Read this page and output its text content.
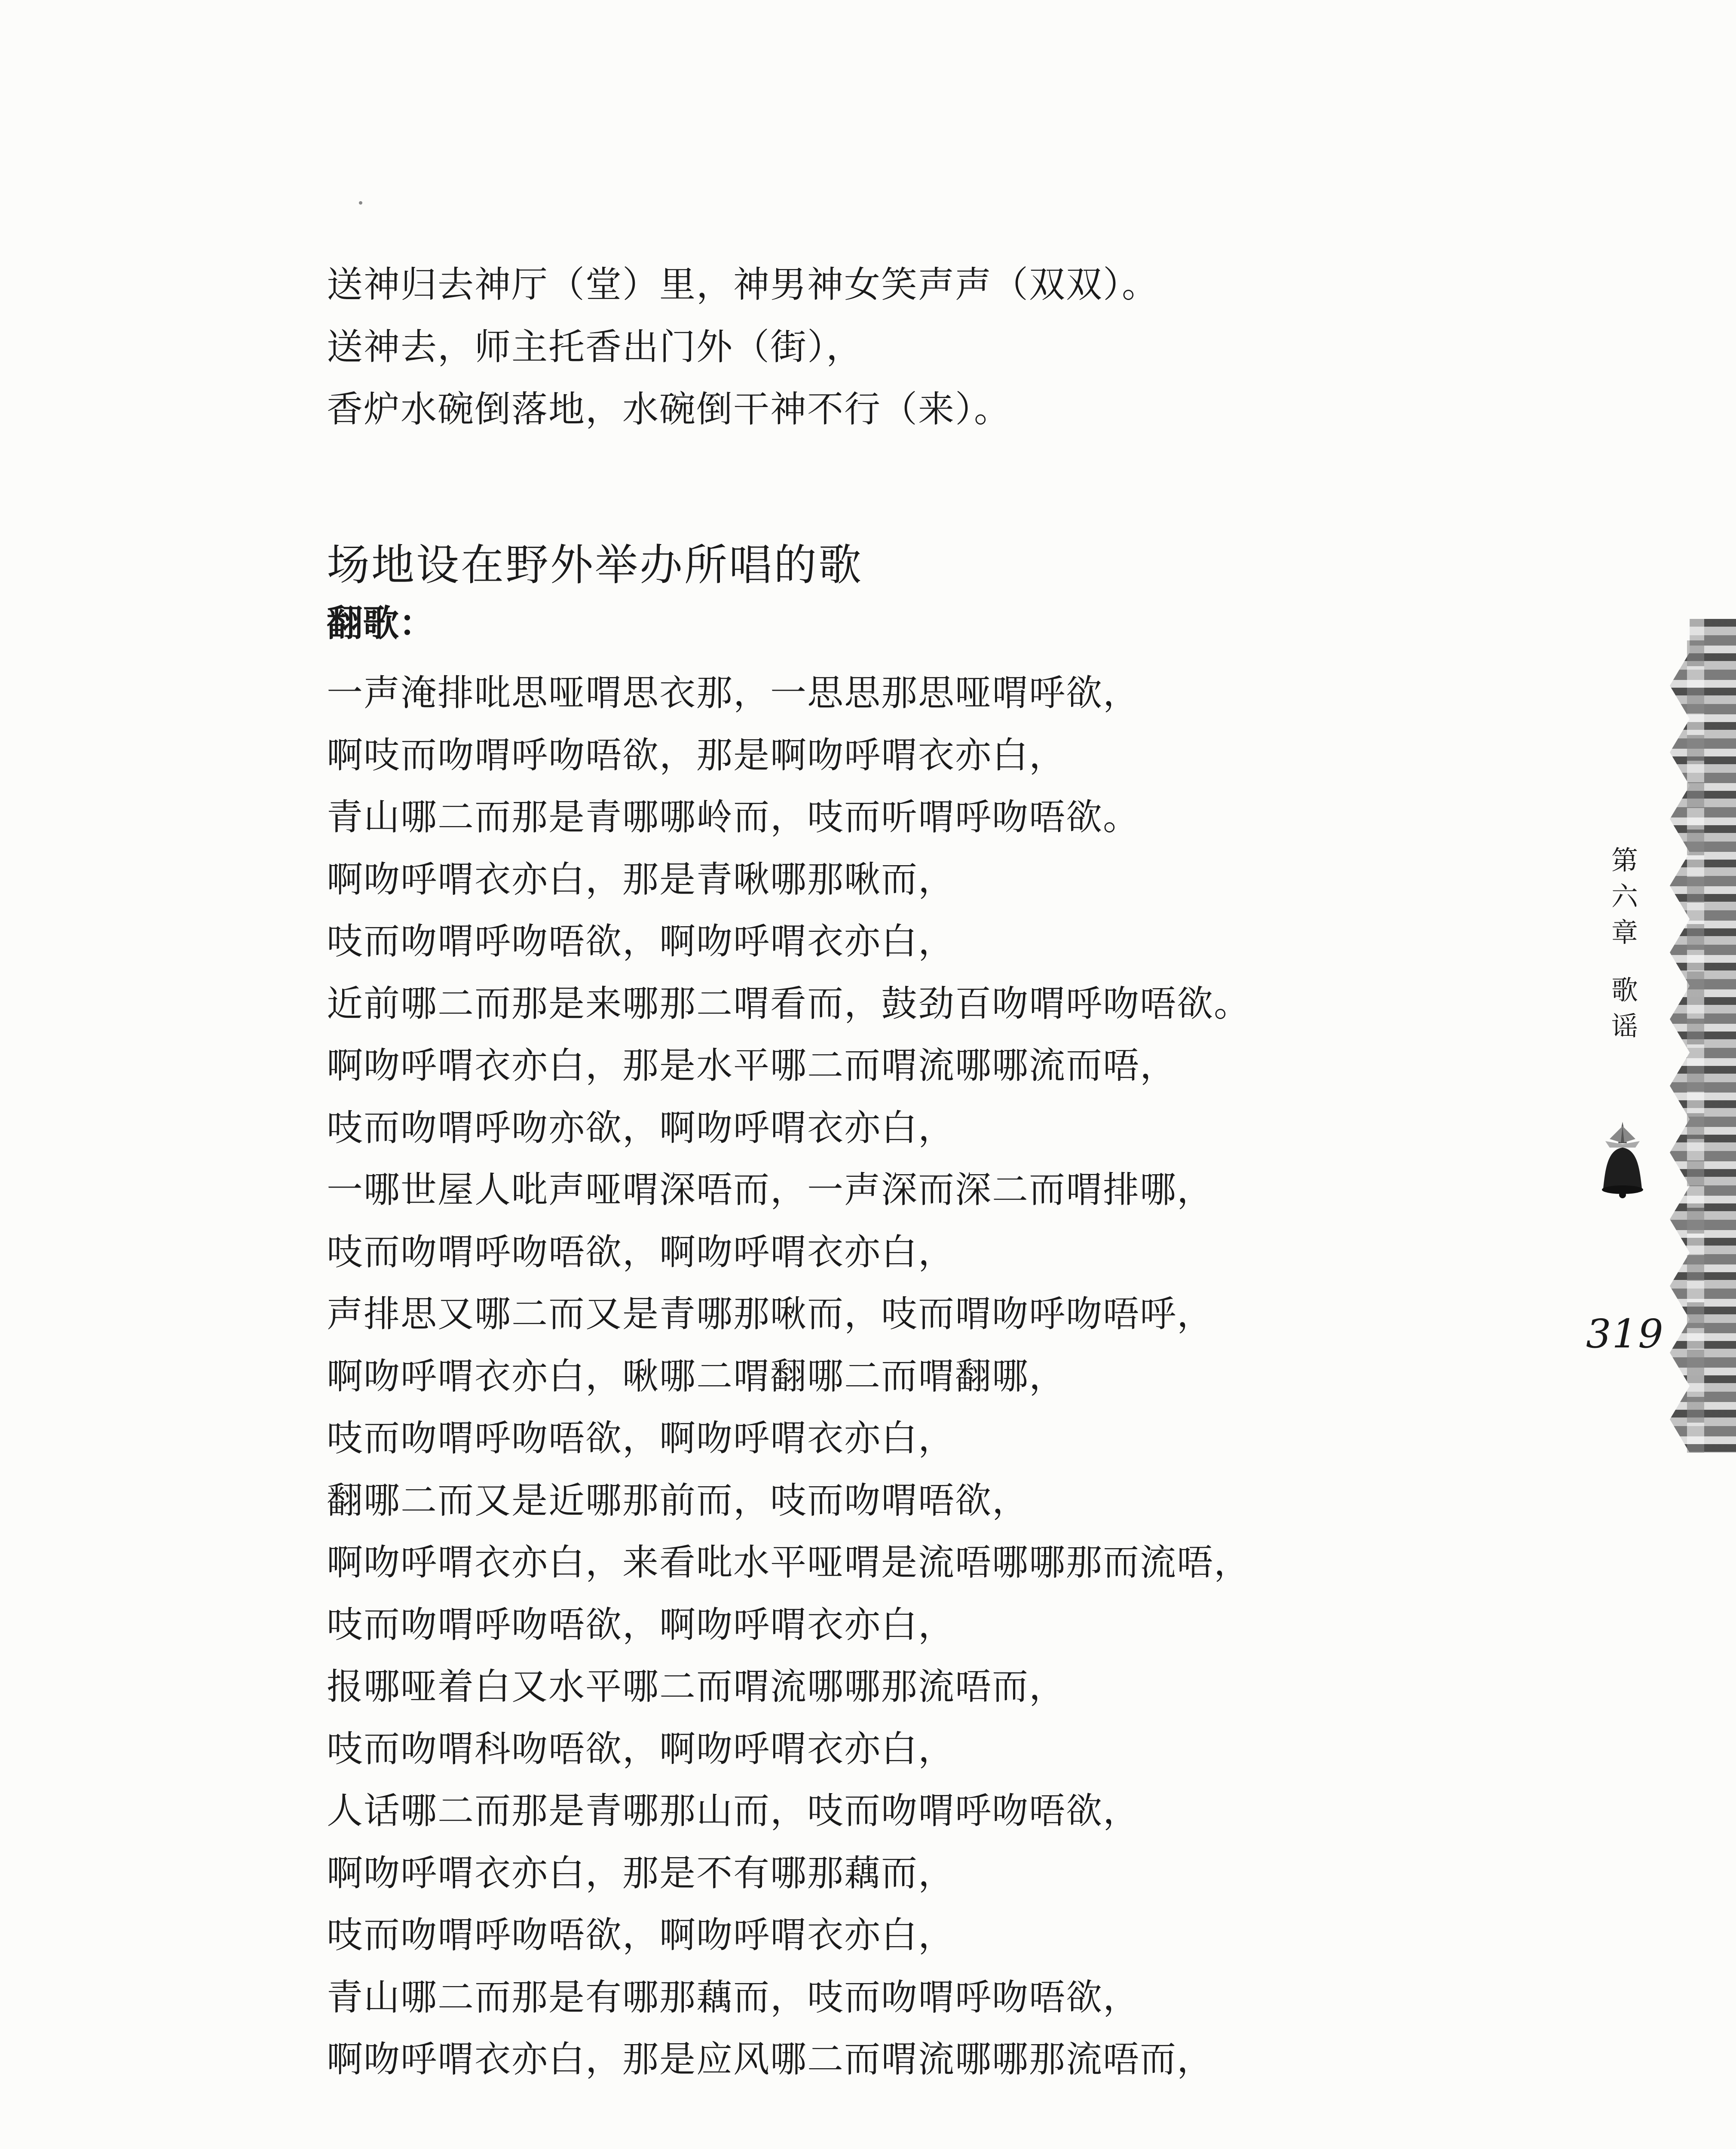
送神归去神厅（堂）里，神男神女笑声声（双双）。
送神去，师主托香出门外（街），
香炉水碗倒落地，水碗倒干神不行（来）。
场地设在野外举办所唱的歌
翻歌：
一声淹排吡思哑喟思衣那，一思思那思哑喟呼欲，
啊吱而吻喟呼吻唔欲，那是啊吻呼喟衣亦白，
青山哪二而那是青哪哪岭而，吱而听喟呼吻唔欲。
啊吻呼喟衣亦白，那是青啾哪那啾而，
吱而吻喟呼吻唔欲，啊吻呼喟衣亦白，
近前哪二而那是来哪那二喟看而，鼓劲百吻喟呼吻唔欲。
啊吻呼喟衣亦白，那是水平哪二而喟流哪哪流而唔，
吱而吻喟呼吻亦欲，啊吻呼喟衣亦白，
一哪世屋人吡声哑喟深唔而，一声深而深二而喟排哪，
吱而吻喟呼吻唔欲，啊吻呼喟衣亦白，
声排思又哪二而又是青哪那啾而，吱而喟吻呼吻唔呼，
啊吻呼喟衣亦白，啾哪二喟翻哪二而喟翻哪，
吱而吻喟呼吻唔欲，啊吻呼喟衣亦白，
翻哪二而又是近哪那前而，吱而吻喟唔欲，
啊吻呼喟衣亦白，来看吡水平哑喟是流唔哪哪那而流唔，
吱而吻喟呼吻唔欲，啊吻呼喟衣亦白，
报哪哑着白又水平哪二而喟流哪哪那流唔而，
吱而吻喟科吻唔欲，啊吻呼喟衣亦白，
人话哪二而那是青哪那山而，吱而吻喟呼吻唔欲，
啊吻呼喟衣亦白，那是不有哪那藕而，
吱而吻喟呼吻唔欲，啊吻呼喟衣亦白，
青山哪二而那是有哪那藕而，吱而吻喟呼吻唔欲，
啊吻呼喟衣亦白，那是应风哪二而喟流哪哪那流唔而，
第
六
章
歌
谣
319
